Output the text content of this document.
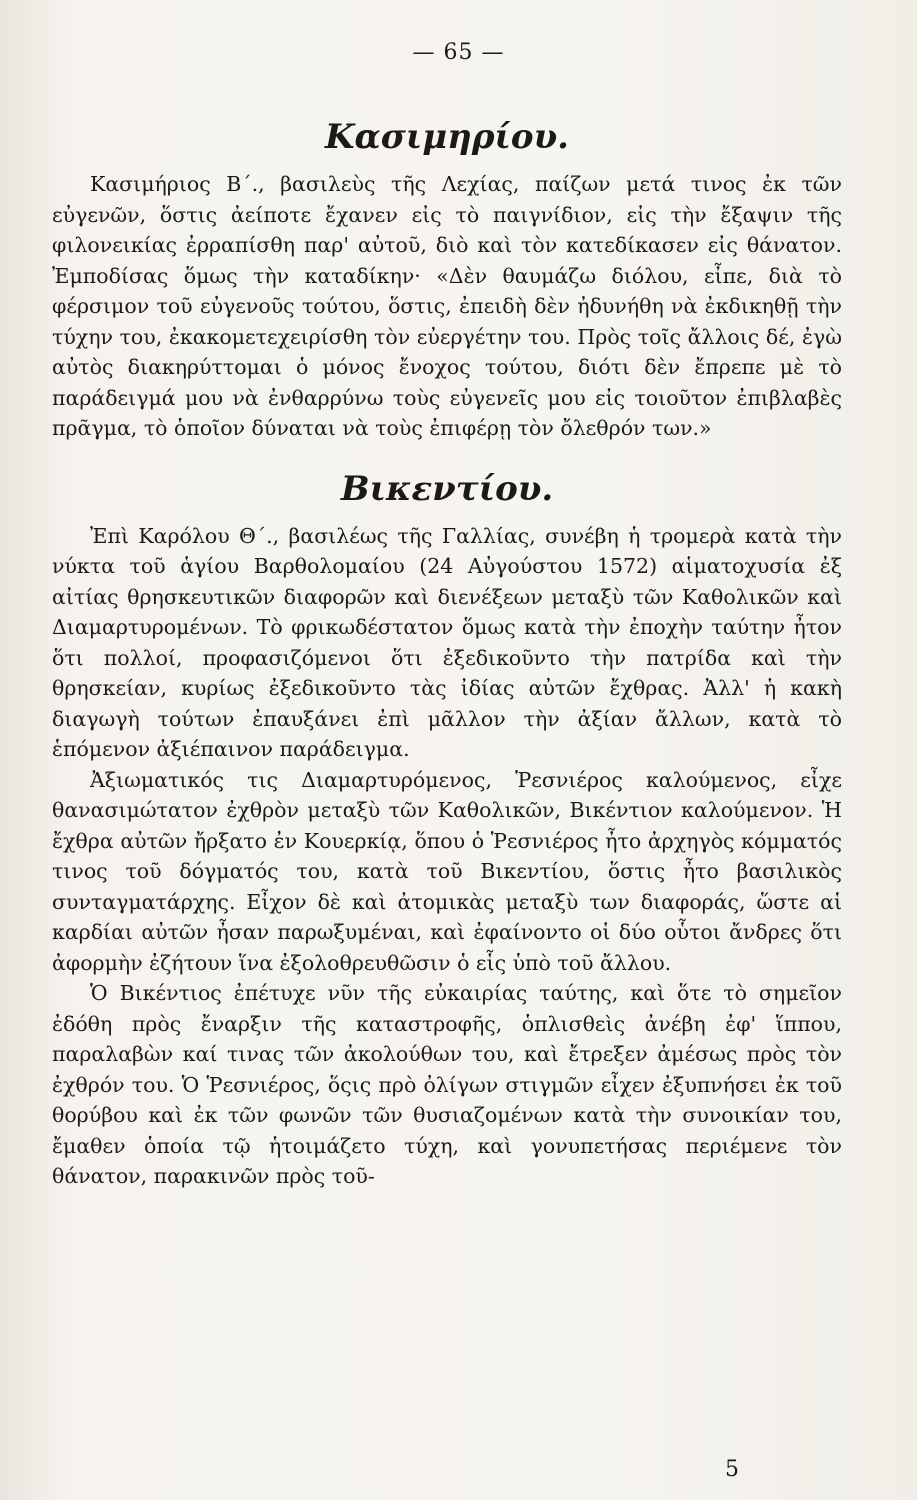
— 65 —
Κασιμηρίου.

Κασιμήριος Β΄., βασιλεὺς τῆς Λεχίας, παίζων μετά τινος ἐκ τῶν εὐγενῶν, ὅστις ἀείποτε ἔχανεν εἰς τὸ παιγνίδιον, εἰς τὴν ἔξαψιν τῆς φιλονεικίας ἐρραπίσθη παρ' αὐτοῦ, διὸ καὶ τὸν κατεδίκασεν εἰς θάνατον. Ἐμποδίσας ὅμως τὴν καταδίκην· «Δὲν θαυμάζω διόλου, εἶπε, διὰ τὸ φέρσιμον τοῦ εὐγενοῦς τούτου, ὅστις, ἐπειδὴ δὲν ἠδυνήθη νὰ ἐκδικηθῇ τὴν τύχην του, ἐκακομετεχειρίσθη τὸν εὐεργέτην του. Πρὸς τοῖς ἄλλοις δέ, ἐγὼ αὐτὸς διακηρύττομαι ὁ μόνος ἔνοχος τούτου, διότι δὲν ἔπρεπε μὲ τὸ παράδειγμά μου νὰ ἐνθαρρύνω τοὺς εὐγενεῖς μου εἰς τοιοῦτον ἐπιβλαβὲς πρᾶγμα, τὸ ὁποῖον δύναται νὰ τοὺς ἐπιφέρῃ τὸν ὄλεθρόν των.»

Βικεντίου.

Ἐπὶ Καρόλου Θ΄., βασιλέως τῆς Γαλλίας, συνέβη ἡ τρομερὰ κατὰ τὴν νύκτα τοῦ ἁγίου Βαρθολομαίου (24 Αὐγούστου 1572) αἱματοχυσία ἐξ αἰτίας θρησκευτικῶν διαφορῶν καὶ διενέξεων μεταξὺ τῶν Καθολικῶν καὶ Διαμαρτυρομένων. Τὸ φρικωδέστατον ὅμως κατὰ τὴν ἐποχὴν ταύτην ἦτον ὅτι πολλοί, προφασιζόμενοι ὅτι ἐξεδικοῦντο τὴν πατρίδα καὶ τὴν θρησκείαν, κυρίως ἐξεδικοῦντο τὰς ἰδίας αὐτῶν ἔχθρας. Ἀλλ' ἡ κακὴ διαγωγὴ τούτων ἐπαυξάνει ἐπὶ μᾶλλον τὴν ἀξίαν ἄλλων, κατὰ τὸ ἑπόμενον ἀξιέπαινον παράδειγμα.

Ἀξιωματικός τις Διαμαρτυρόμενος, Ῥεσνιέρος καλούμενος, εἶχε θανασιμώτατον ἐχθρὸν μεταξὺ τῶν Καθολικῶν, Βικέντιον καλούμενον. Ἡ ἔχθρα αὐτῶν ἤρξατο ἐν Κουερκίᾳ, ὅπου ὁ Ῥεσνιέρος ἦτο ἀρχηγὸς κόμματός τινος τοῦ δόγματός του, κατὰ τοῦ Βικεντίου, ὅστις ἦτο βασιλικὸς συνταγματάρχης. Εἶχον δὲ καὶ ἀτομικὰς μεταξὺ των διαφοράς, ὥστε αἱ καρδίαι αὐτῶν ἦσαν παρωξυμέναι, καὶ ἐφαίνοντο οἱ δύο οὗτοι ἄνδρες ὅτι ἀφορμὴν ἐζήτουν ἵνα ἐξολοθρευθῶσιν ὁ εἷς ὑπὸ τοῦ ἄλλου.

Ὁ Βικέντιος ἐπέτυχε νῦν τῆς εὐκαιρίας ταύτης, καὶ ὅτε τὸ σημεῖον ἐδόθη πρὸς ἔναρξιν τῆς καταστροφῆς, ὁπλισθεὶς ἀνέβη ἐφ' ἵππου, παραλαβὼν καί τινας τῶν ἀκολούθων του, καὶ ἔτρεξεν ἀμέσως πρὸς τὸν ἐχθρόν του. Ὁ Ῥεσνιέρος, ὅςις πρὸ ὀλίγων στιγμῶν εἶχεν ἐξυπνήσει ἐκ τοῦ θορύβου καὶ ἐκ τῶν φωνῶν τῶν θυσιαζομένων κατὰ τὴν συνοικίαν του, ἔμαθεν ὁποία τῷ ἡτοιμάζετο τύχη, καὶ γονυπετήσας περιέμενε τὸν θάνατον, παρακινῶν πρὸς τοῦ-

5
